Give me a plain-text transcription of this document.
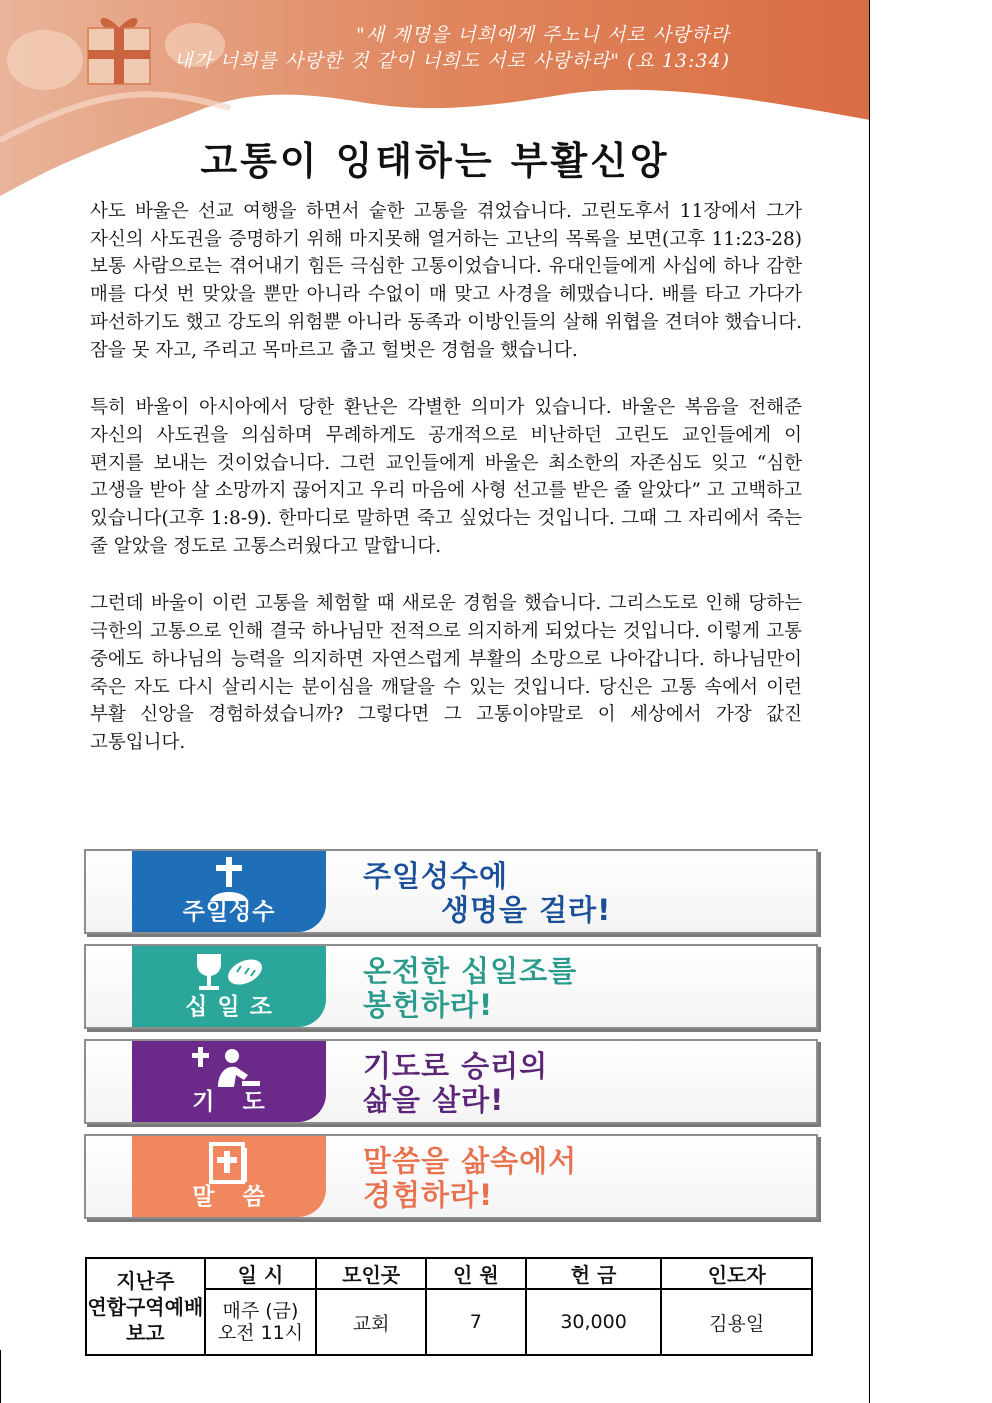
"새 계명을 너희에게 주노니 서로 사랑하라
내가 너희를 사랑한 것 같이 너희도 서로 사랑하라" (요 13:34)
고통이 잉태하는 부활신앙

사도 바울은 선교 여행을 하면서 숱한 고통을 겪었습니다. 고린도후서 11장에서 그가 자신의 사도권을 증명하기 위해 마지못해 열거하는 고난의 목록을 보면(고후 11:23-28) 보통 사람으로는 겪어내기 힘든 극심한 고통이었습니다. 유대인들에게 사십에 하나 감한 매를 다섯 번 맞았을 뿐만 아니라 수없이 매 맞고 사경을 헤맸습니다. 배를 타고 가다가 파선하기도 했고 강도의 위험뿐 아니라 동족과 이방인들의 살해 위협을 견뎌야 했습니다. 잠을 못 자고, 주리고 목마르고 춥고 헐벗은 경험을 했습니다.

특히 바울이 아시아에서 당한 환난은 각별한 의미가 있습니다. 바울은 복음을 전해준 자신의 사도권을 의심하며 무례하게도 공개적으로 비난하던 고린도 교인들에게 이 편지를 보내는 것이었습니다. 그런 교인들에게 바울은 최소한의 자존심도 잊고 “심한 고생을 받아 살 소망까지 끊어지고 우리 마음에 사형 선고를 받은 줄 알았다” 고 고백하고 있습니다(고후 1:8-9). 한마디로 말하면 죽고 싶었다는 것입니다. 그때 그 자리에서 죽는 줄 알았을 정도로 고통스러웠다고 말합니다.

그런데 바울이 이런 고통을 체험할 때 새로운 경험을 했습니다. 그리스도로 인해 당하는 극한의 고통으로 인해 결국 하나님만 전적으로 의지하게 되었다는 것입니다. 이렇게 고통 중에도 하나님의 능력을 의지하면 자연스럽게 부활의 소망으로 나아갑니다. 하나님만이 죽은 자도 다시 살리시는 분이심을 깨달을 수 있는 것입니다. 당신은 고통 속에서 이런 부활 신앙을 경험하셨습니까? 그렇다면 그 고통이야말로 이 세상에서 가장 값진 고통입니다.

주일성수
주일성수에
생명을 걸라!
십 일 조
온전한 십일조를
봉헌하라!
기   도
기도로 승리의
삶을 살라!
말   씀
말씀을 삶속에서
경험하라!
지난주
연합구역예배
보고	일 시	모인곳	인 원	헌 금	인도자

	매주 (금)
오전 11시	교회	7	30,000	김용일
